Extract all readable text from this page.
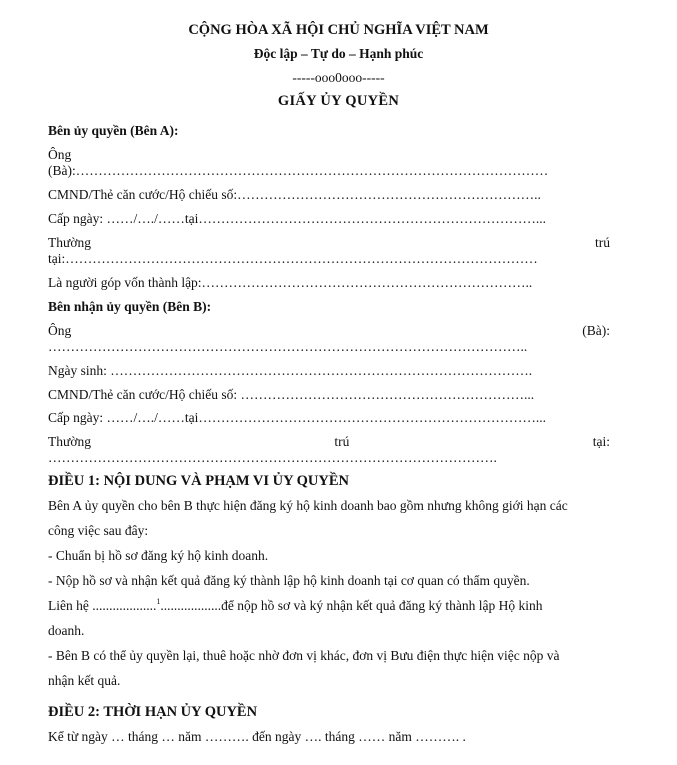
CỘNG HÒA XÃ HỘI CHỦ NGHĨA VIỆT NAM
Độc lập – Tự do – Hạnh phúc
-----ooo0ooo-----
GIẤY ỦY QUYỀN
Bên ủy quyền (Bên A):
Ông
(Bà):……………………………………………………………………………………………
CMND/Thẻ căn cước/Hộ chiếu số:…………………………………………………………..
Cấp ngày: ……/…./……tại…………………………………………………………………...
Thường	trú
tại:……………………………………………………………………………………………
Là người góp vốn thành lập:………………………………………………………………..
Bên nhận ủy quyền (Bên B):
Ông	(Bà):
……………………………………………………………………………………………..
Ngày sinh: ………………………………………………………………………………….
CMND/Thẻ căn cước/Hộ chiếu số: ………………………………………………………...
Cấp ngày: ……/…./……tại…………………………………………………………………...
Thường	trú	tại:
……………………………………………………………………………………….
ĐIỀU 1: NỘI DUNG VÀ PHẠM VI ỦY QUYỀN
Bên A ủy quyền cho bên B thực hiện đăng ký hộ kinh doanh bao gồm nhưng không giới hạn các
công việc sau đây:
- Chuẩn bị hồ sơ đăng ký hộ kinh doanh.
- Nộp hồ sơ và nhận kết quả đăng ký thành lập hộ kinh doanh tại cơ quan có thẩm quyền.
Liên hệ ...................$^1$..................để nộp hồ sơ và ký nhận kết quả đăng ký thành lập Hộ kinh
doanh.
- Bên B có thể ủy quyền lại, thuê hoặc nhờ đơn vị khác, đơn vị Bưu điện thực hiện việc nộp và
nhận kết quả.
ĐIỀU 2: THỜI HẠN ỦY QUYỀN
Kể từ ngày … tháng … năm ………. đến ngày …. tháng …… năm ………. .
